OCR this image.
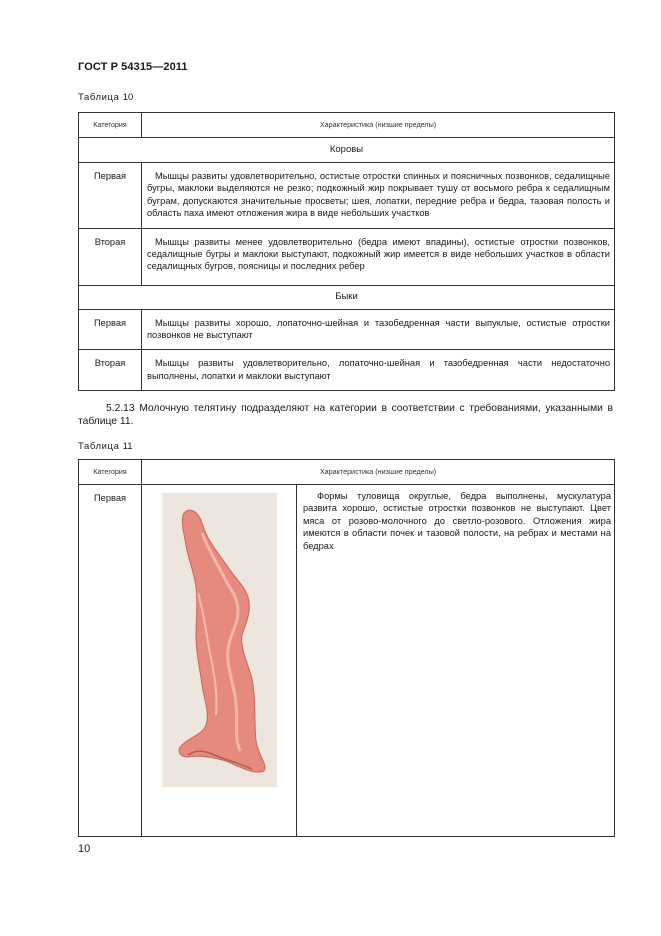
ГОСТ Р 54315—2011
Таблица 10
Категория	Характеристика (низшие пределы)
Коровы	
Первая	Мышцы развиты удовлетворительно, остистые отростки спинных и поясничных позвонков, седалищные бугры, маклоки выделяются не резко; подкожный жир покрывает тушу от восьмого ребра к седалищным буграм, допускаются значительные просветы; шея, лопатки, передние ребра и бедра, тазовая полость и область паха имеют отложения жира в виде небольших участков
Вторая	Мышцы развиты менее удовлетворительно (бедра имеют впадины), остистые отростки позвонков, седалищные бугры и маклоки выступают, подкожный жир имеется в виде небольших участков в области седалищных бугров, поясницы и последних ребер
Быки	
Первая	Мышцы развиты хорошо, лопаточно-шейная и тазобедренная части выпуклые, остистые отростки позвонков не выступают
Вторая	Мышцы развиты удовлетворительно, лопаточно-шейная и тазобедренная части недостаточно выполнены, лопатки и маклоки выступают
5.2.13 Молочную телятину подразделяют на категории в соответствии с требованиями, указанными в таблице 11.
Таблица 11
Категория	Характеристика (низшие пределы)	
Первая		Формы туловища округлые, бедра выполнены, мускулатура развита хорошо, остистые отростки позвонков не выступают. Цвет мяса от розово-молочного до светло-розового. Отложения жира имеются в области почек и тазовой полости, на ребрах и местами на бедрах
10
